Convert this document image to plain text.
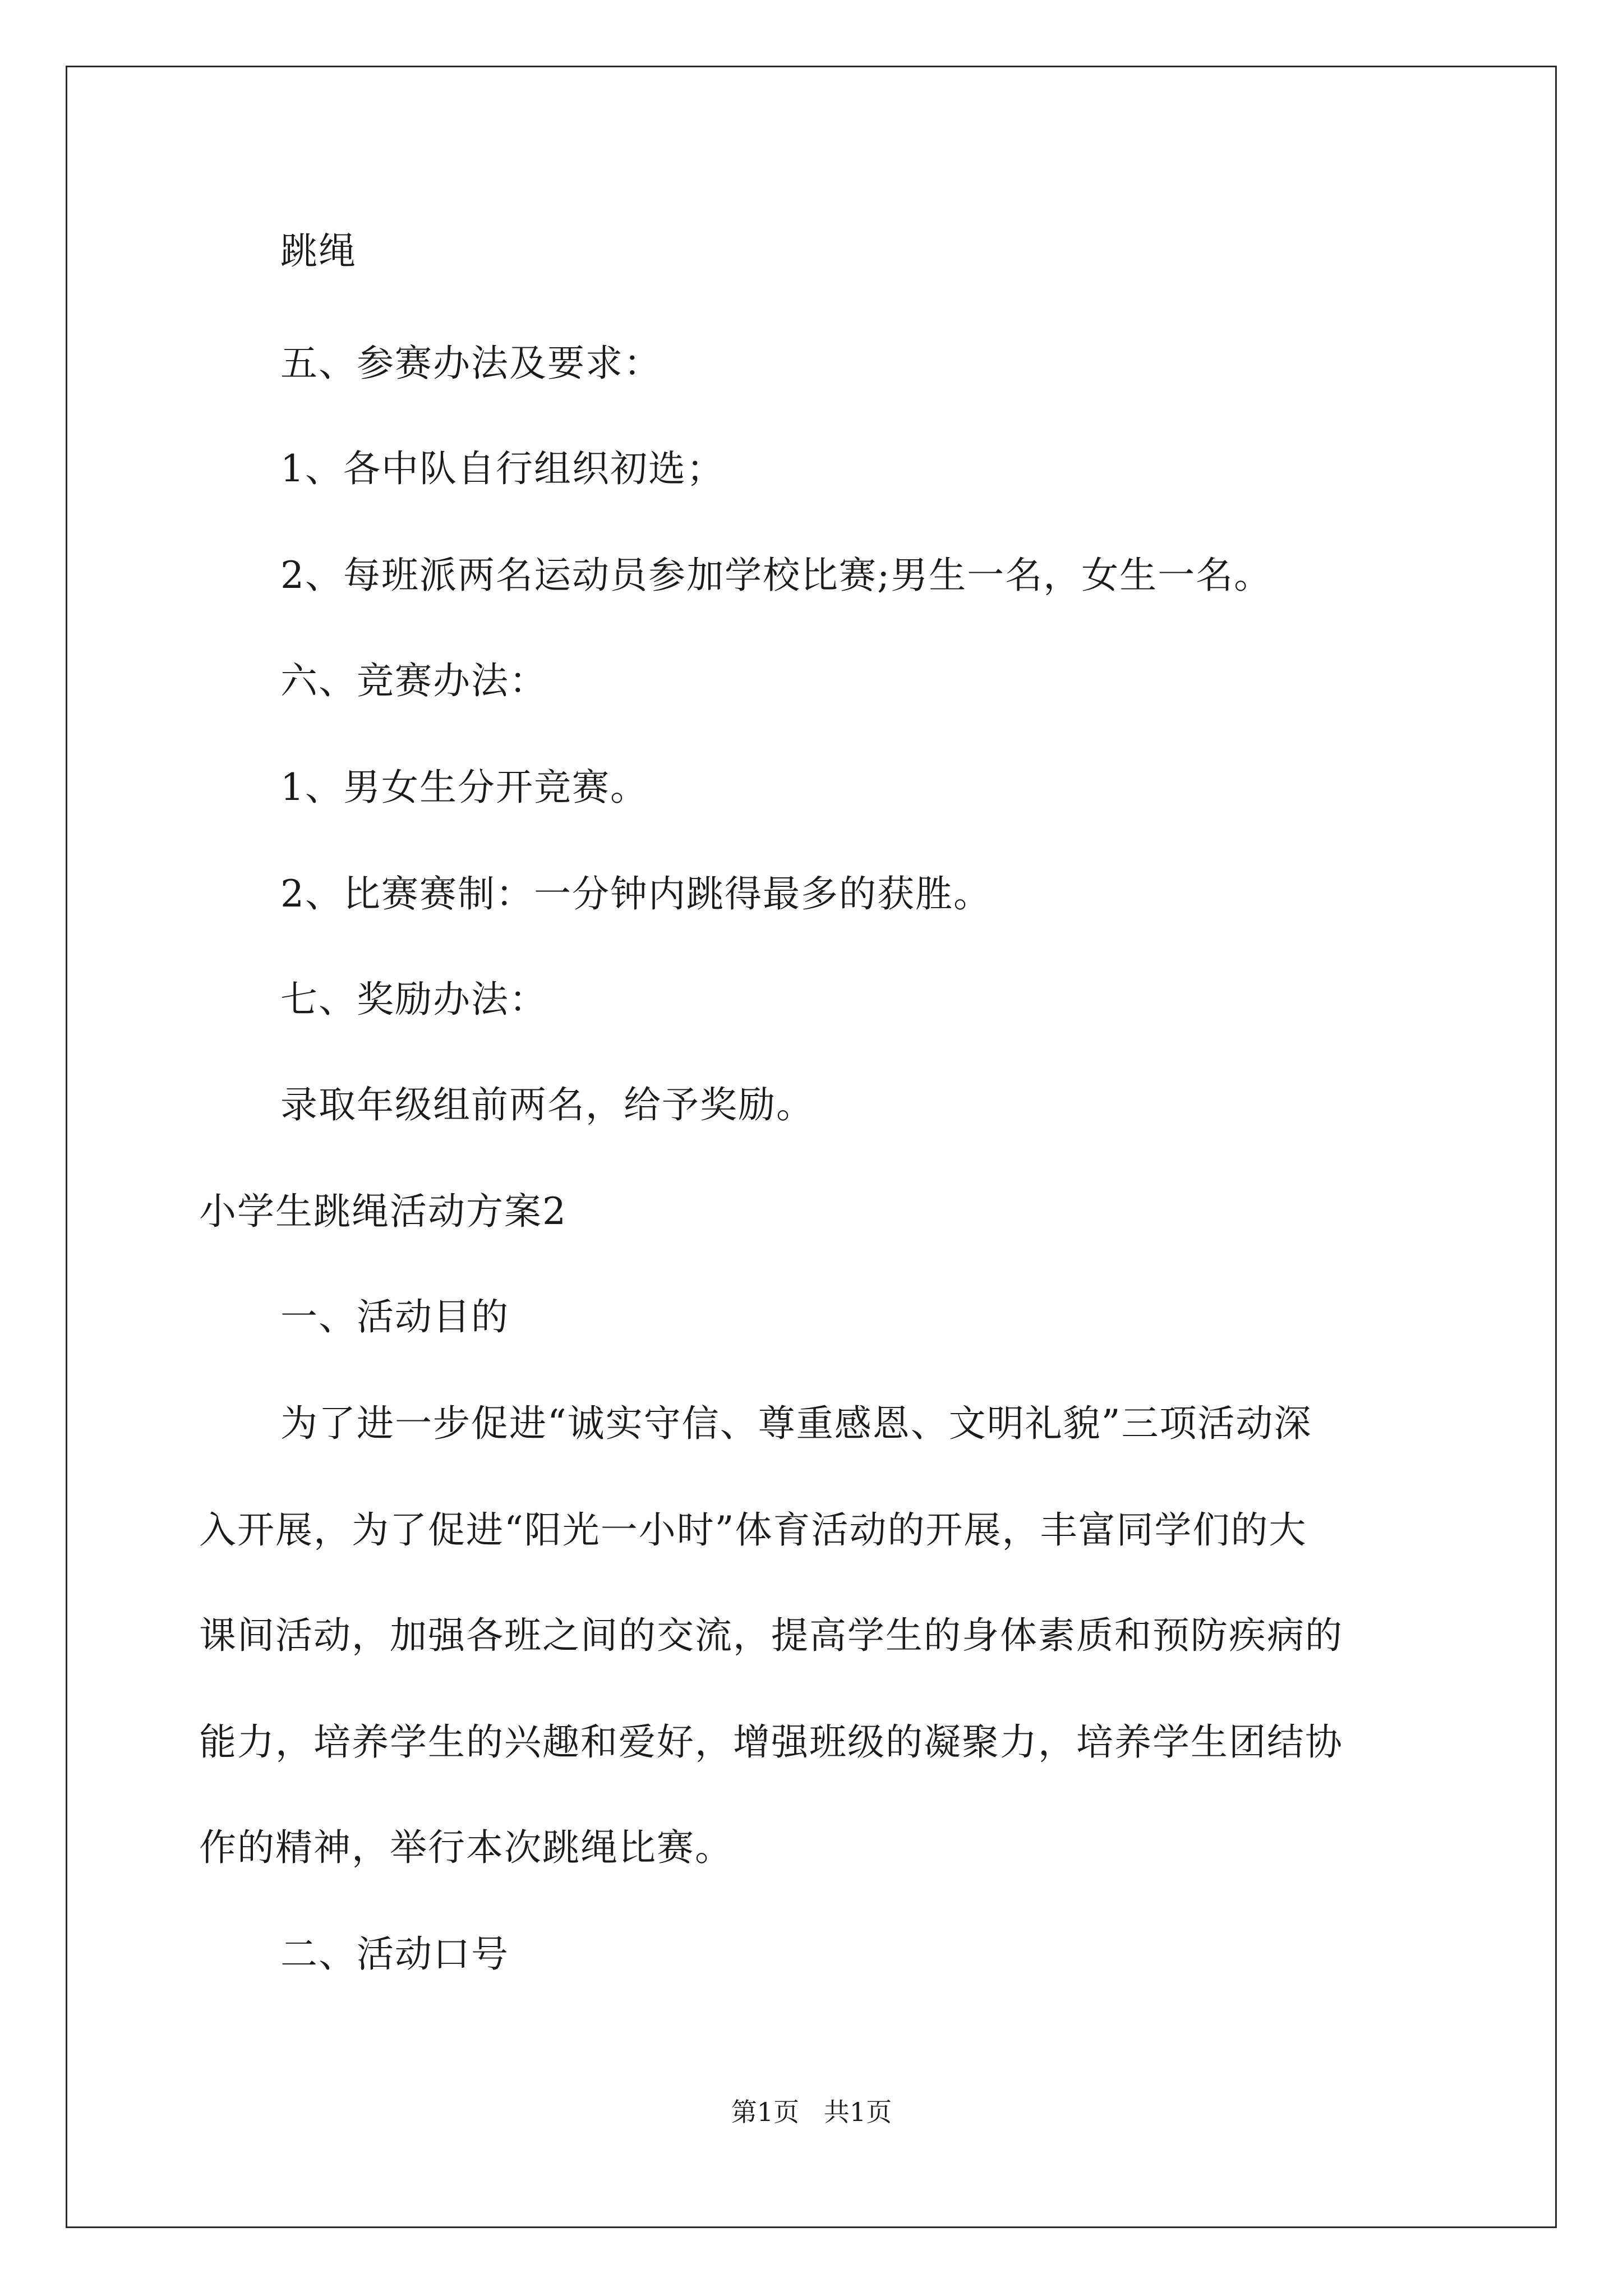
跳绳
五、参赛办法及要求：
1、各中队自行组织初选；
2、每班派两名运动员参加学校比赛;男生一名，女生一名。
六、竞赛办法：
1、男女生分开竞赛。
2、比赛赛制：一分钟内跳得最多的获胜。
七、奖励办法：
录取年级组前两名，给予奖励。
小学生跳绳活动方案2
一、活动目的
为了进一步促进“诚实守信、尊重感恩、文明礼貌”三项活动深
入开展，为了促进“阳光一小时”体育活动的开展，丰富同学们的大
课间活动，加强各班之间的交流，提高学生的身体素质和预防疾病的
能力，培养学生的兴趣和爱好，增强班级的凝聚力，培养学生团结协
作的精神，举行本次跳绳比赛。
二、活动口号
第1页   共1页
